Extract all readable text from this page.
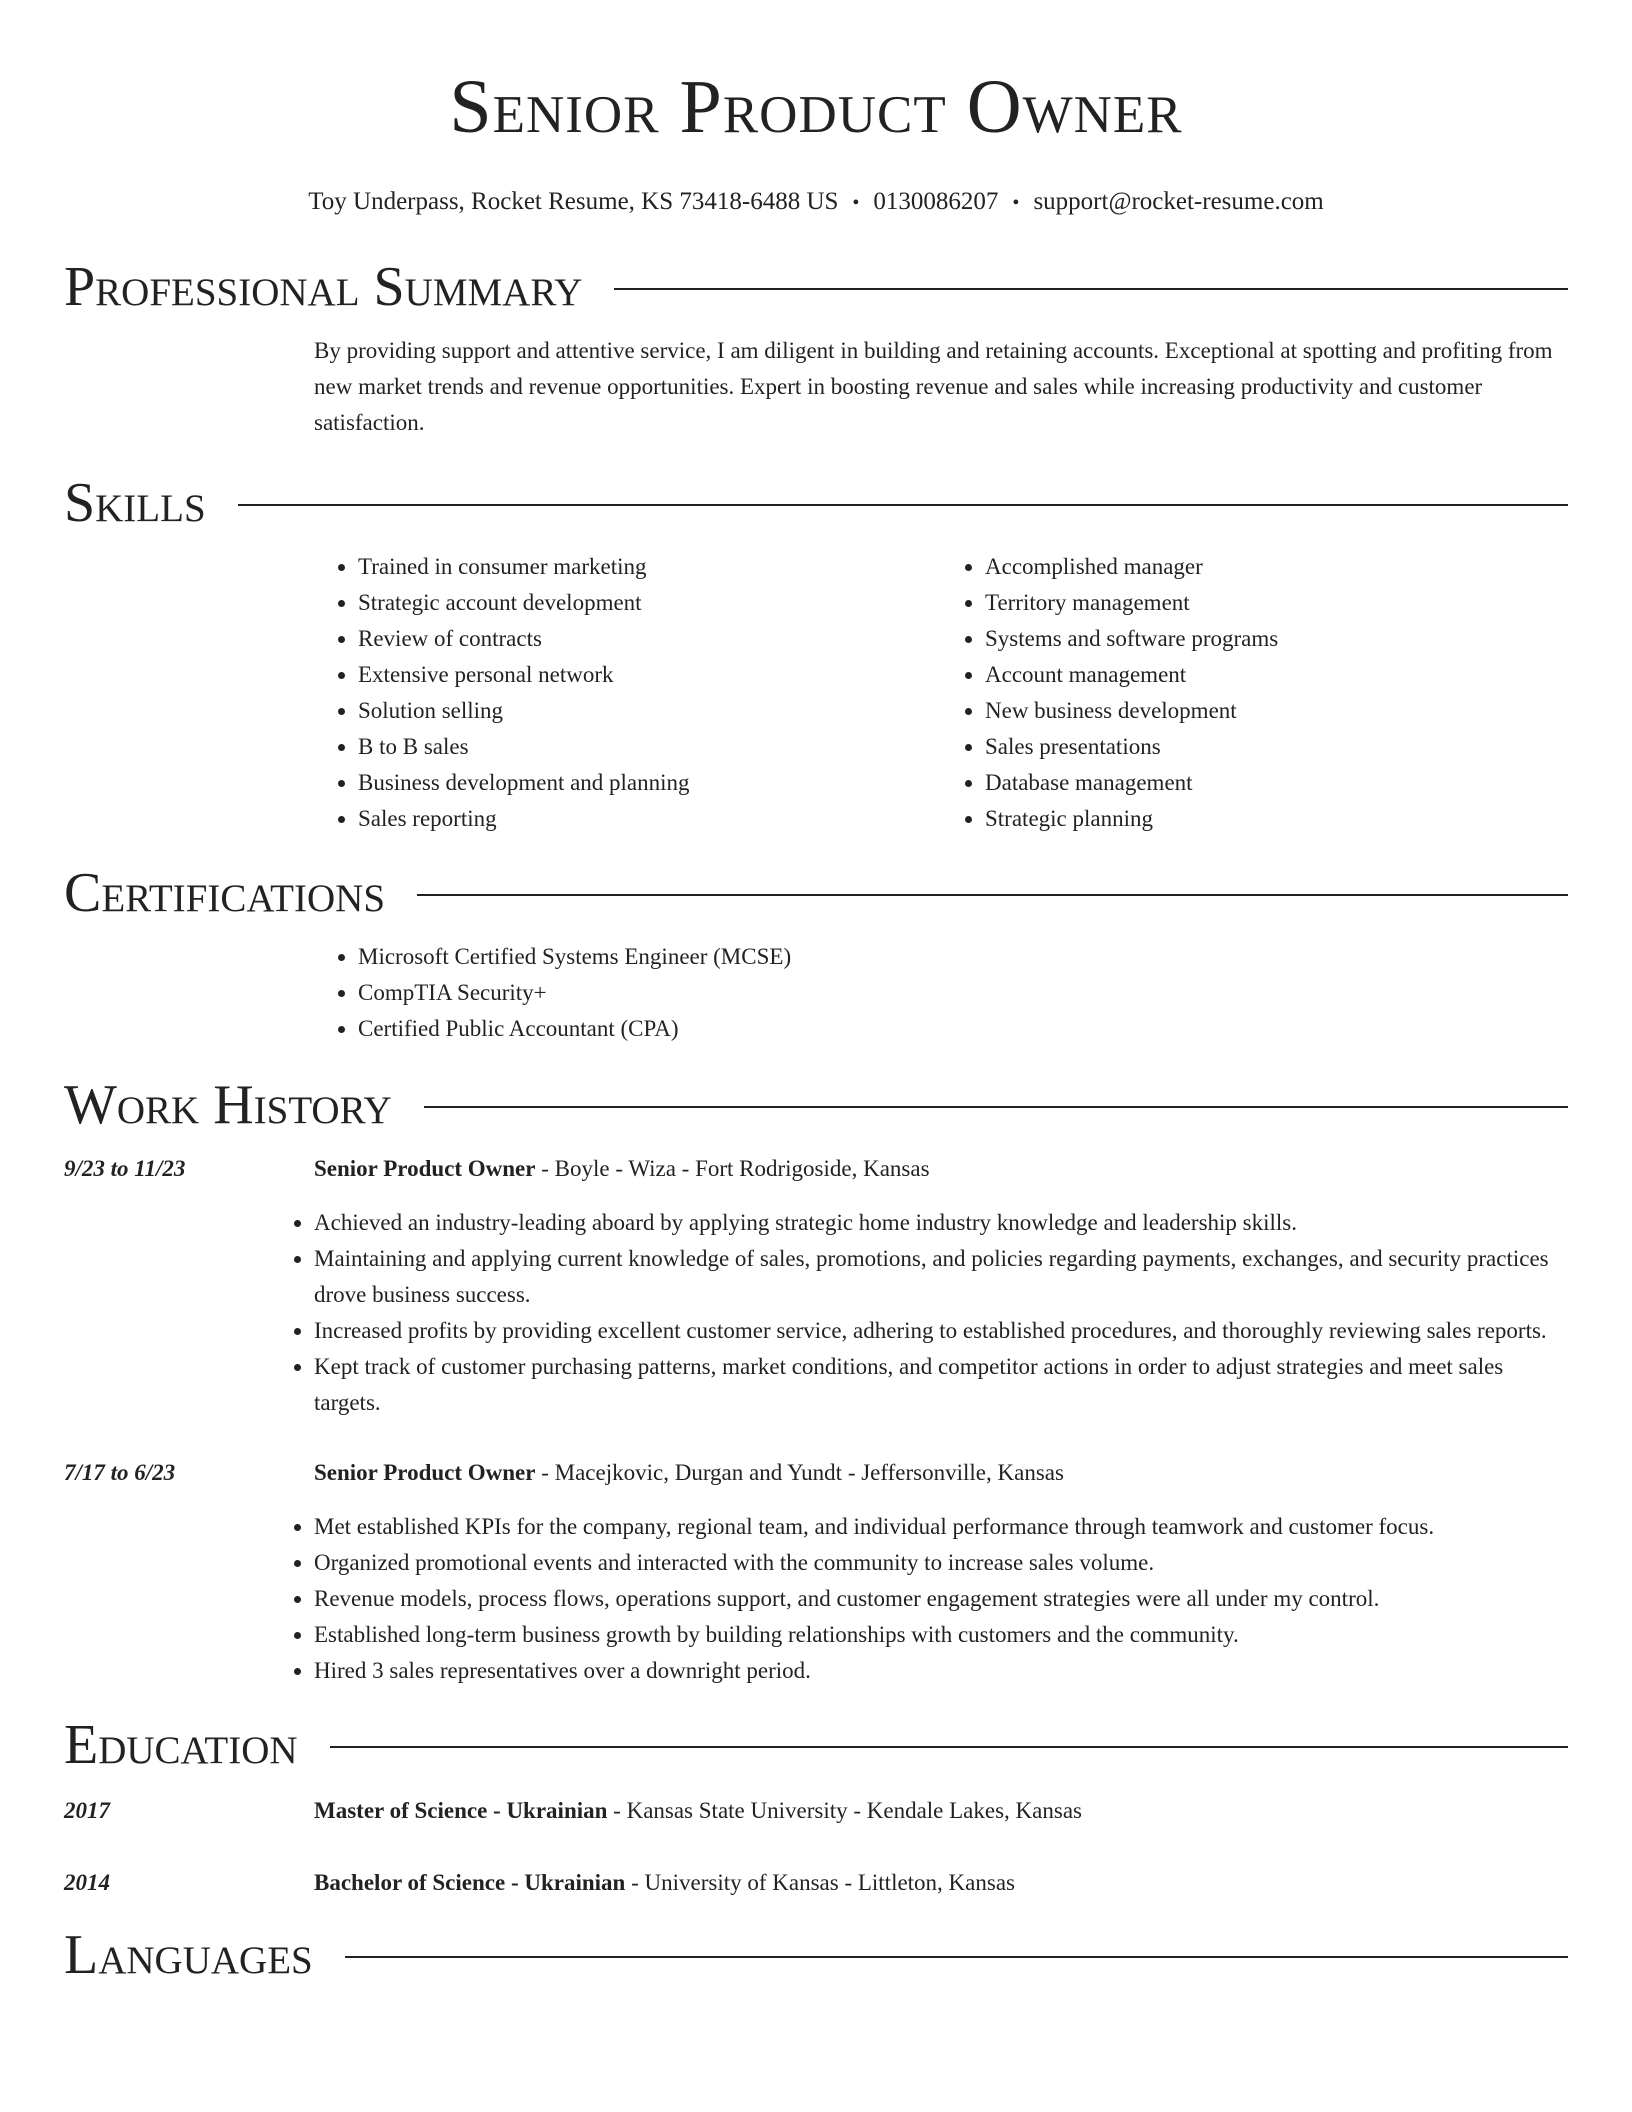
Senior Product Owner
Toy Underpass, Rocket Resume, KS 73418-6488 US • 0130086207 • support@rocket-resume.com
Professional Summary
By providing support and attentive service, I am diligent in building and retaining accounts. Exceptional at spotting and profiting from new market trends and revenue opportunities. Expert in boosting revenue and sales while increasing productivity and customer satisfaction.
Skills
• Trained in consumer marketing
• Strategic account development
• Review of contracts
• Extensive personal network
• Solution selling
• B to B sales
• Business development and planning
• Sales reporting
• Accomplished manager
• Territory management
• Systems and software programs
• Account management
• New business development
• Sales presentations
• Database management
• Strategic planning
Certifications
• Microsoft Certified Systems Engineer (MCSE)
• CompTIA Security+
• Certified Public Accountant (CPA)
Work History
9/23 to 11/23	Senior Product Owner - Boyle - Wiza - Fort Rodrigoside, Kansas
• Achieved an industry-leading aboard by applying strategic home industry knowledge and leadership skills.
• Maintaining and applying current knowledge of sales, promotions, and policies regarding payments, exchanges, and security practices drove business success.
• Increased profits by providing excellent customer service, adhering to established procedures, and thoroughly reviewing sales reports.
• Kept track of customer purchasing patterns, market conditions, and competitor actions in order to adjust strategies and meet sales targets.
7/17 to 6/23	Senior Product Owner - Macejkovic, Durgan and Yundt - Jeffersonville, Kansas
• Met established KPIs for the company, regional team, and individual performance through teamwork and customer focus.
• Organized promotional events and interacted with the community to increase sales volume.
• Revenue models, process flows, operations support, and customer engagement strategies were all under my control.
• Established long-term business growth by building relationships with customers and the community.
• Hired 3 sales representatives over a downright period.
Education
2017	Master of Science - Ukrainian - Kansas State University - Kendale Lakes, Kansas
2014	Bachelor of Science - Ukrainian - University of Kansas - Littleton, Kansas
Languages
